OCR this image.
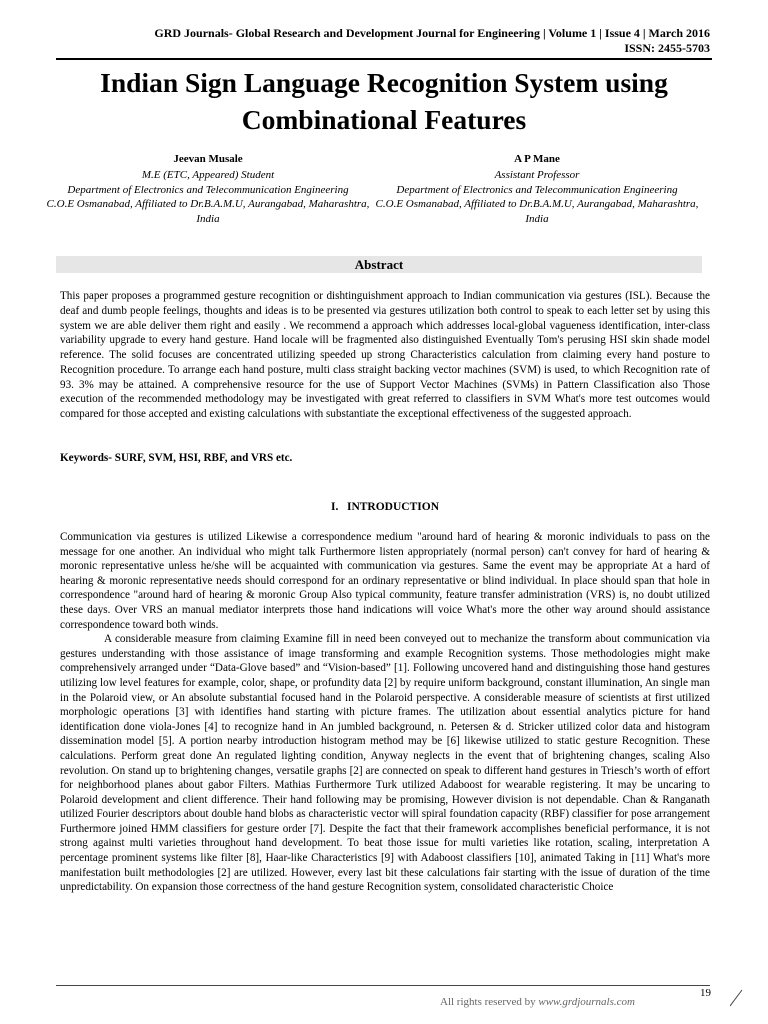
GRD Journals- Global Research and Development Journal for Engineering | Volume 1 | Issue 4 | March 2016
ISSN: 2455-5703
Indian Sign Language Recognition System using
Combinational Features
Jeevan Musale
M.E (ETC, Appeared) Student
Department of Electronics and Telecommunication Engineering
C.O.E Osmanabad, Affiliated to Dr.B.A.M.U, Aurangabad, Maharashtra, India
A P Mane
Assistant Professor
Department of Electronics and Telecommunication Engineering
C.O.E Osmanabad, Affiliated to Dr.B.A.M.U, Aurangabad, Maharashtra, India
Abstract
This paper proposes a programmed gesture recognition or dishtinguishment approach to Indian communication via gestures (ISL). Because the deaf and dumb people feelings, thoughts and ideas is to be presented via gestures utilization both control to speak to each letter set by using this system we are able deliver them right and easily . We recommend a approach which addresses local-global vagueness identification, inter-class variability upgrade to every hand gesture. Hand locale will be fragmented also distinguished Eventually Tom's perusing HSI skin shade model reference. The solid focuses are concentrated utilizing speeded up strong Characteristics calculation from claiming every hand posture to Recognition procedure. To arrange each hand posture, multi class straight backing vector machines (SVM) is used, to which Recognition rate of 93. 3% may be attained. A comprehensive resource for the use of Support Vector Machines (SVMs) in Pattern Classification also Those execution of the recommended methodology may be investigated with great referred to classifiers in SVM What's more test outcomes would compared for those accepted and existing calculations with substantiate the exceptional effectiveness of the suggested approach.
Keywords- SURF, SVM, HSI, RBF, and VRS etc.
I. INTRODUCTION

Communication via gestures is utilized Likewise a correspondence medium "around hard of hearing & moronic individuals to pass on the message for one another. An individual who might talk Furthermore listen appropriately (normal person) can't convey for hard of hearing & moronic representative unless he/she will be acquainted with communication via gestures. Same the event may be appropriate At a hard of hearing & moronic representative needs should correspond for an ordinary representative or blind individual. In place should span that hole in correspondence "around hard of hearing & moronic Group Also typical community, feature transfer administration (VRS) is, no doubt utilized these days. Over VRS an manual mediator interprets those hand indications will voice What's more the other way around should assistance correspondence toward both winds.

A considerable measure from claiming Examine fill in need been conveyed out to mechanize the transform about communication via gestures understanding with those assistance of image transforming and example Recognition systems. Those methodologies might make comprehensively arranged under “Data-Glove based” and “Vision-based” [1]. Following uncovered hand and distinguishing those hand gestures utilizing low level features for example, color, shape, or profundity data [2] by require uniform background, constant illumination, An single man in the Polaroid view, or An absolute substantial focused hand in the Polaroid perspective. A considerable measure of scientists at first utilized morphologic operations [3] with identifies hand starting with picture frames. The utilization about essential analytics picture for hand identification done viola-Jones [4] to recognize hand in An jumbled background, n. Petersen & d. Stricker utilized color data and histogram dissemination model [5]. A portion nearby introduction histogram method may be [6] likewise utilized to static gesture Recognition. These calculations. Perform great done An regulated lighting condition, Anyway neglects in the event that of brightening changes, scaling Also revolution. On stand up to brightening changes, versatile graphs [2] are connected on speak to different hand gestures in Triesch’s worth of effort for neighborhood planes about gabor Filters. Mathias Furthermore Turk utilized Adaboost for wearable registering. It may be uncaring to Polaroid development and client difference. Their hand following may be promising, However division is not dependable. Chan & Ranganath utilized Fourier descriptors about double hand blobs as characteristic vector will spiral foundation capacity (RBF) classifier for pose arrangement Furthermore joined HMM classifiers for gesture order [7]. Despite the fact that their framework accomplishes beneficial performance, it is not strong against multi varieties throughout hand development. To beat those issue for multi varieties like rotation, scaling, interpretation A percentage prominent systems like filter [8], Haar-like Characteristics [9] with Adaboost classifiers [10], animated Taking in [11] What's more manifestation built methodologies [2] are utilized. However, every last bit these calculations fair starting with the issue of duration of the time unpredictability. On expansion those correctness of the hand gesture Recognition system, consolidated characteristic Choice

All rights reserved by www.grdjournals.com
19
